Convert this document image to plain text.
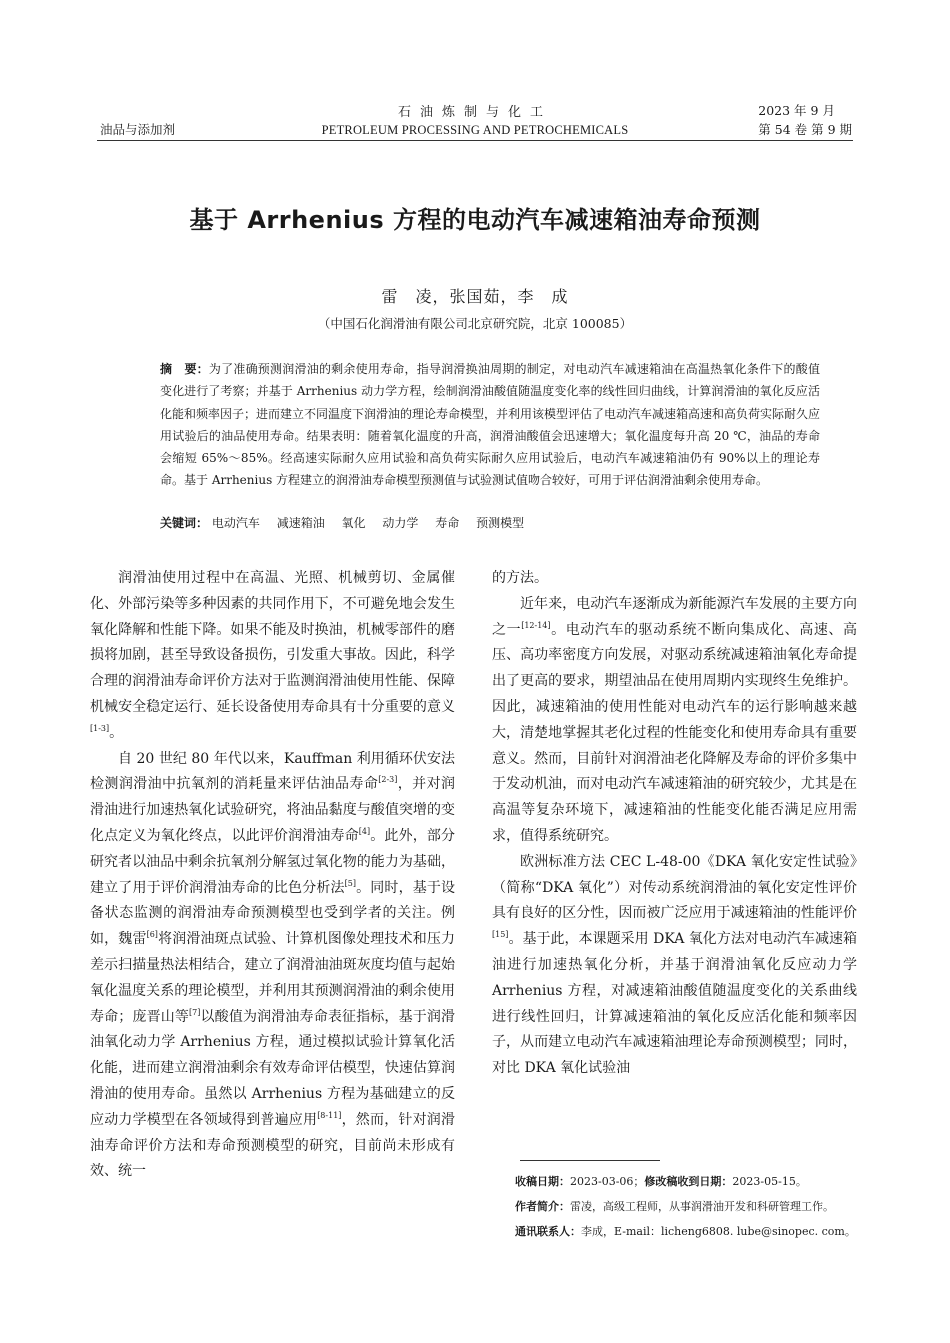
油品与添加剂
石油炼制与化工
PETROLEUM PROCESSING AND PETROCHEMICALS
2023 年 9 月
第 54 卷 第 9 期
基于 Arrhenius 方程的电动汽车减速箱油寿命预测
雷　凌，张国茹，李　成
（中国石化润滑油有限公司北京研究院，北京 100085）
摘　要：为了准确预测润滑油的剩余使用寿命，指导润滑换油周期的制定，对电动汽车减速箱油在高温热氧化条件下的酸值变化进行了考察；并基于 Arrhenius 动力学方程，绘制润滑油酸值随温度变化率的线性回归曲线，计算润滑油的氧化反应活化能和频率因子；进而建立不同温度下润滑油的理论寿命模型，并利用该模型评估了电动汽车减速箱高速和高负荷实际耐久应用试验后的油品使用寿命。结果表明：随着氧化温度的升高，润滑油酸值会迅速增大；氧化温度每升高 20 ℃，油品的寿命会缩短 65%～85%。经高速实际耐久应用试验和高负荷实际耐久应用试验后，电动汽车减速箱油仍有 90%以上的理论寿命。基于 Arrhenius 方程建立的润滑油寿命模型预测值与试验测试值吻合较好，可用于评估润滑油剩余使用寿命。
关键词： 电动汽车 减速箱油 氧化 动力学 寿命 预测模型

润滑油使用过程中在高温、光照、机械剪切、金属催化、外部污染等多种因素的共同作用下，不可避免地会发生氧化降解和性能下降。如果不能及时换油，机械零部件的磨损将加剧，甚至导致设备损伤，引发重大事故。因此，科学合理的润滑油寿命评价方法对于监测润滑油使用性能、保障机械安全稳定运行、延长设备使用寿命具有十分重要的意义[1-3]。

自 20 世纪 80 年代以来，Kauffman 利用循环伏安法检测润滑油中抗氧剂的消耗量来评估油品寿命[2-3]，并对润滑油进行加速热氧化试验研究，将油品黏度与酸值突增的变化点定义为氧化终点，以此评价润滑油寿命[4]。此外，部分研究者以油品中剩余抗氧剂分解氢过氧化物的能力为基础，建立了用于评价润滑油寿命的比色分析法[5]。同时，基于设备状态监测的润滑油寿命预测模型也受到学者的关注。例如，魏雷[6]将润滑油斑点试验、计算机图像处理技术和压力差示扫描量热法相结合，建立了润滑油油斑灰度均值与起始氧化温度关系的理论模型，并利用其预测润滑油的剩余使用寿命；庞晋山等[7]以酸值为润滑油寿命表征指标，基于润滑油氧化动力学 Arrhenius 方程，通过模拟试验计算氧化活化能，进而建立润滑油剩余有效寿命评估模型，快速估算润滑油的使用寿命。虽然以 Arrhenius 方程为基础建立的反应动力学模型在各领域得到普遍应用[8-11]，然而，针对润滑油寿命评价方法和寿命预测模型的研究，目前尚未形成有效、统一

的方法。

近年来，电动汽车逐渐成为新能源汽车发展的主要方向之一[12-14]。电动汽车的驱动系统不断向集成化、高速、高压、高功率密度方向发展，对驱动系统减速箱油氧化寿命提出了更高的要求，期望油品在使用周期内实现终生免维护。因此，减速箱油的使用性能对电动汽车的运行影响越来越大，清楚地掌握其老化过程的性能变化和使用寿命具有重要意义。然而，目前针对润滑油老化降解及寿命的评价多集中于发动机油，而对电动汽车减速箱油的研究较少，尤其是在高温等复杂环境下，减速箱油的性能变化能否满足应用需求，值得系统研究。

欧洲标准方法 CEC L-48-00《DKA 氧化安定性试验》（简称“DKA 氧化”）对传动系统润滑油的氧化安定性评价具有良好的区分性，因而被广泛应用于减速箱油的性能评价[15]。基于此，本课题采用 DKA 氧化方法对电动汽车减速箱油进行加速热氧化分析，并基于润滑油氧化反应动力学 Arrhenius 方程，对减速箱油酸值随温度变化的关系曲线进行线性回归，计算减速箱油的氧化反应活化能和频率因子，从而建立电动汽车减速箱油理论寿命预测模型；同时，对比 DKA 氧化试验油

收稿日期：2023-03-06；修改稿收到日期：2023-05-15。
作者简介：雷凌，高级工程师，从事润滑油开发和科研管理工作。
通讯联系人：李成，E-mail：licheng6808. lube@sinopec. com。
